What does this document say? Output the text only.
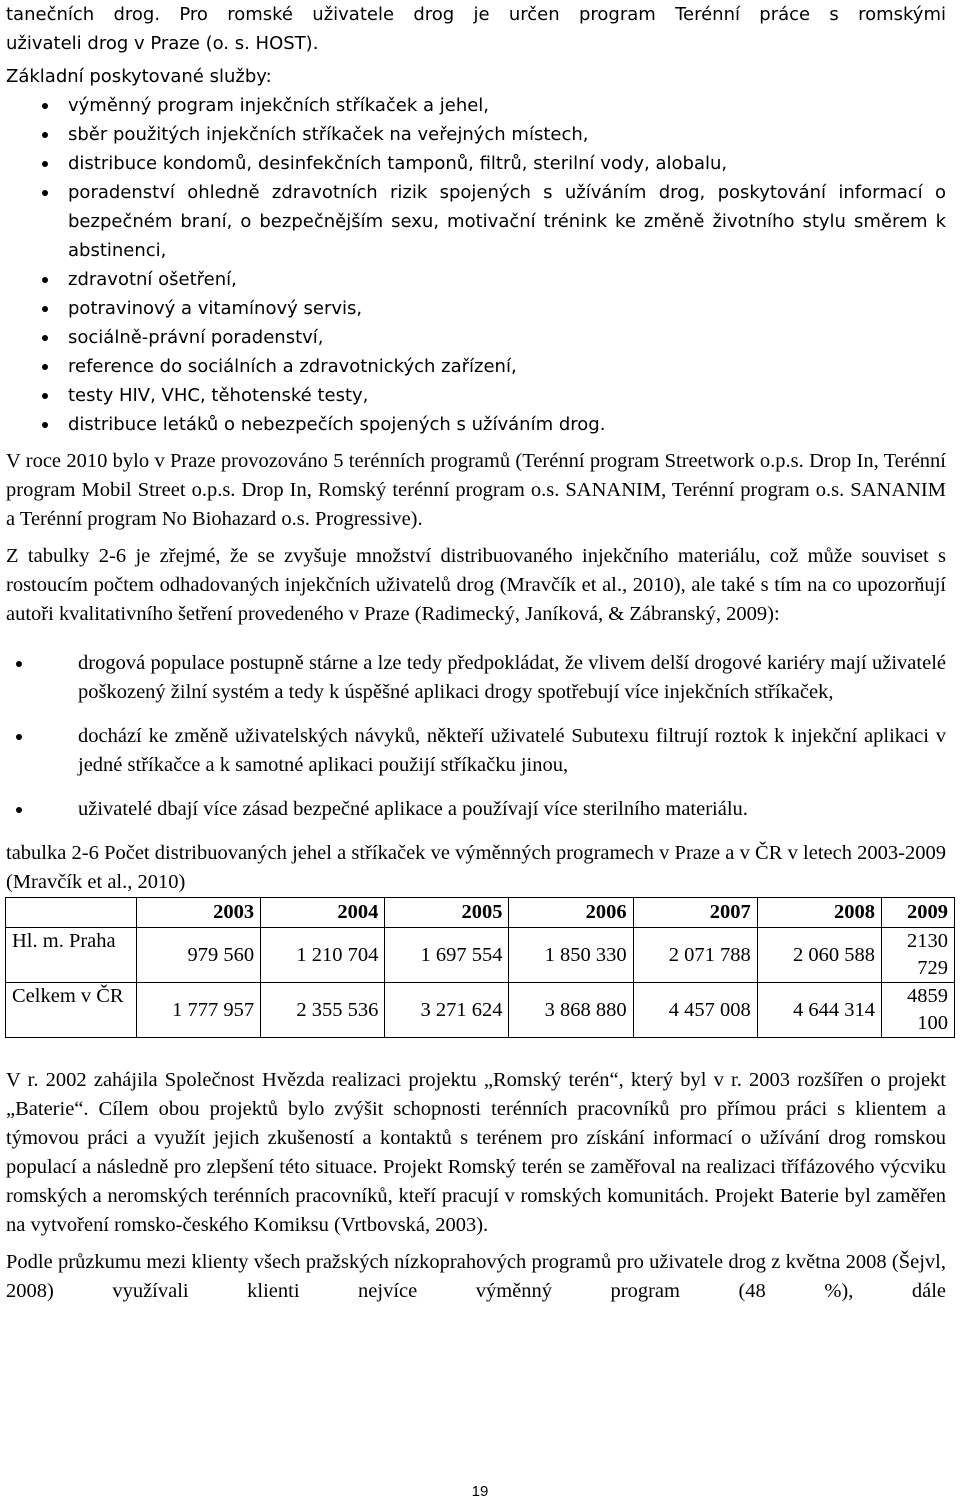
tanečních drog. Pro romské uživatele drog je určen program Terénní práce s romskými

uživateli drog v Praze (o. s. HOST).

Základní poskytované služby:

výměnný program injekčních stříkaček a jehel,
sběr použitých injekčních stříkaček na veřejných místech,
distribuce kondomů, desinfekčních tamponů, filtrů, sterilní vody, alobalu,
poradenství ohledně zdravotních rizik spojených s užíváním drog, poskytování informací o bezpečném braní, o bezpečnějším sexu, motivační trénink ke změně životního stylu směrem k abstinenci,
zdravotní ošetření,
potravinový a vitamínový servis,
sociálně-právní poradenství,
reference do sociálních a zdravotnických zařízení,
testy HIV, VHC, těhotenské testy,
distribuce letáků o nebezpečích spojených s užíváním drog.

V roce 2010 bylo v Praze provozováno 5 terénních programů (Terénní program Streetwork o.p.s. Drop In, Terénní program Mobil Street o.p.s. Drop In, Romský terénní program o.s. SANANIM, Terénní program o.s. SANANIM a Terénní program No Biohazard o.s. Progressive).

Z tabulky 2-6 je zřejmé, že se zvyšuje množství distribuovaného injekčního materiálu, což může souviset s rostoucím počtem odhadovaných injekčních uživatelů drog (Mravčík et al., 2010), ale také s tím na co upozorňují autoři kvalitativního šetření provedeného v Praze (Radimecký, Janíková, & Zábranský, 2009):

drogová populace postupně stárne a lze tedy předpokládat, že vlivem delší drogové kariéry mají uživatelé poškozený žilní systém a tedy k úspěšné aplikaci drogy spotřebují více injekčních stříkaček,
dochází ke změně uživatelských návyků, někteří uživatelé Subutexu filtrují roztok k injekční aplikaci v jedné stříkačce a k samotné aplikaci použijí stříkačku jinou,
uživatelé dbají více zásad bezpečné aplikace a používají více sterilního materiálu.

tabulka 2-6 Počet distribuovaných jehel a stříkaček ve výměnných programech v Praze a v ČR v letech 2003-2009 (Mravčík et al., 2010)

	2003	2004	2005	2006	2007	2008	2009
Hl. m. Praha	979 560	1 210 704	1 697 554	1 850 330	2 071 788	2 060 588	2130 729
Celkem v ČR	1 777 957	2 355 536	3 271 624	3 868 880	4 457 008	4 644 314	4859 100

V r. 2002 zahájila Společnost Hvězda realizaci projektu „Romský terén“, který byl v r. 2003 rozšířen o projekt „Baterie“. Cílem obou projektů bylo zvýšit schopnosti terénních pracovníků pro přímou práci s klientem a týmovou práci a využít jejich zkušeností a kontaktů s terénem pro získání informací o užívání drog romskou populací a následně pro zlepšení této situace. Projekt Romský terén se zaměřoval na realizaci třífázového výcviku romských a neromských terénních pracovníků, kteří pracují v romských komunitách. Projekt Baterie byl zaměřen na vytvoření romsko-českého Komiksu (Vrtbovská, 2003).

Podle průzkumu mezi klienty všech pražských nízkoprahových programů pro uživatele drog z května 2008 (Šejvl, 2008) využívali klienti nejvíce výměnný program (48 %), dále

19
